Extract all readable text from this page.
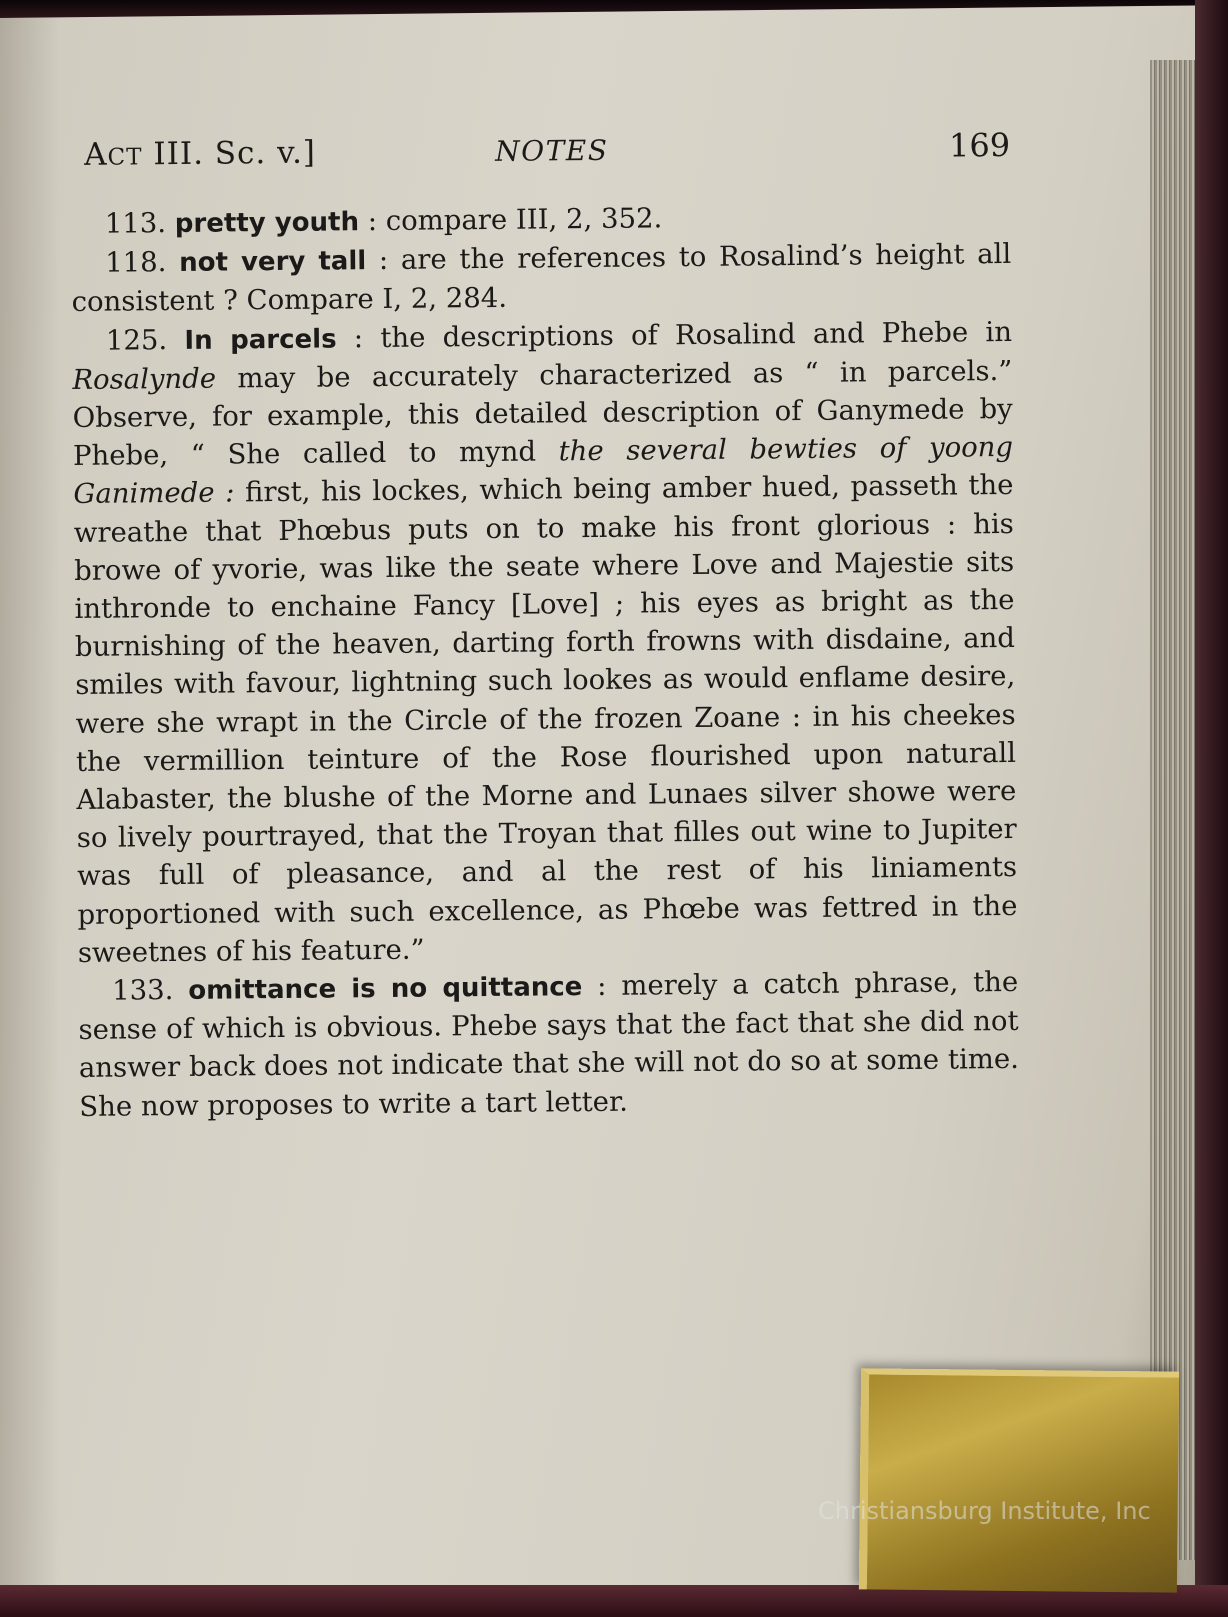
ACT III. Sc. v.]	NOTES	169

113. pretty youth : compare III, 2, 352.

118. not very tall : are the references to Rosalind’s height all consistent ? Compare I, 2, 284.

125. In parcels : the descriptions of Rosalind and Phebe in Rosalynde may be accurately characterized as “ in parcels.” Observe, for example, this detailed description of Ganymede by Phebe, “ She called to mynd the several bewties of yoong Ganimede : first, his lockes, which being amber hued, passeth the wreathe that Phœbus puts on to make his front glorious : his browe of yvorie, was like the seate where Love and Majestie sits inthronde to enchaine Fancy [Love] ; his eyes as bright as the burnishing of the heaven, darting forth frowns with disdaine, and smiles with favour, lightning such lookes as would enflame desire, were she wrapt in the Circle of the frozen Zoane : in his cheekes the vermillion teinture of the Rose flourished upon naturall Alabaster, the blushe of the Morne and Lunaes silver showe were so lively pourtrayed, that the Troyan that filles out wine to Jupiter was full of pleasance, and al the rest of his liniaments proportioned with such excellence, as Phœbe was fettred in the sweetnes of his feature.”

133. omittance is no quittance : merely a catch phrase, the sense of which is obvious. Phebe says that the fact that she did not answer back does not indicate that she will not do so at some time. She now proposes to write a tart letter.

Christiansburg Institute, Inc
